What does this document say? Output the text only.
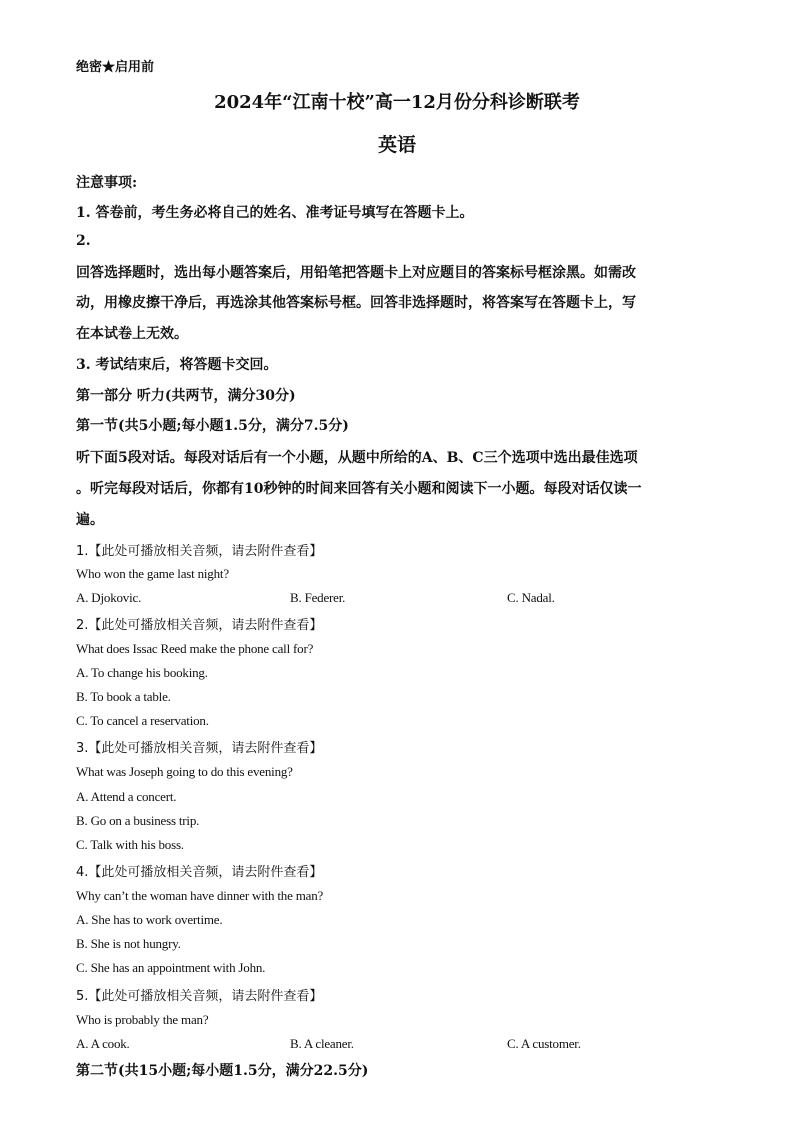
绝密★启用前
2024年“江南十校”高一12月份分科诊断联考
英语
注意事项:
1. 答卷前，考生务必将自己的姓名、准考证号填写在答题卡上。
2.
回答选择题时，选出每小题答案后，用铅笔把答题卡上对应题目的答案标号框涂黑。如需改
动，用橡皮擦干净后，再选涂其他答案标号框。回答非选择题时，将答案写在答题卡上，写
在本试卷上无效。
3. 考试结束后，将答题卡交回。
第一部分 听力(共两节，满分30分)
第一节(共5小题;每小题1.5分，满分7.5分)
听下面5段对话。每段对话后有一个小题，从题中所给的A、B、C三个选项中选出最佳选项
。听完每段对话后，你都有10秒钟的时间来回答有关小题和阅读下一小题。每段对话仅读一
遍。
1.【此处可播放相关音频，请去附件查看】
Who won the game last night?
A. Djokovic.	B. Federer.	C. Nadal.
2.【此处可播放相关音频，请去附件查看】
What does Issac Reed make the phone call for?
A. To change his booking.
B. To book a table.
C. To cancel a reservation.
3.【此处可播放相关音频，请去附件查看】
What was Joseph going to do this evening?
A. Attend a concert.
B. Go on a business trip.
C. Talk with his boss.
4.【此处可播放相关音频，请去附件查看】
Why can’t the woman have dinner with the man?
A. She has to work overtime.
B. She is not hungry.
C. She has an appointment with John.
5.【此处可播放相关音频，请去附件查看】
Who is probably the man?
A. A cook.	B. A cleaner.	C. A customer.
第二节(共15小题;每小题1.5分，满分22.5分)
